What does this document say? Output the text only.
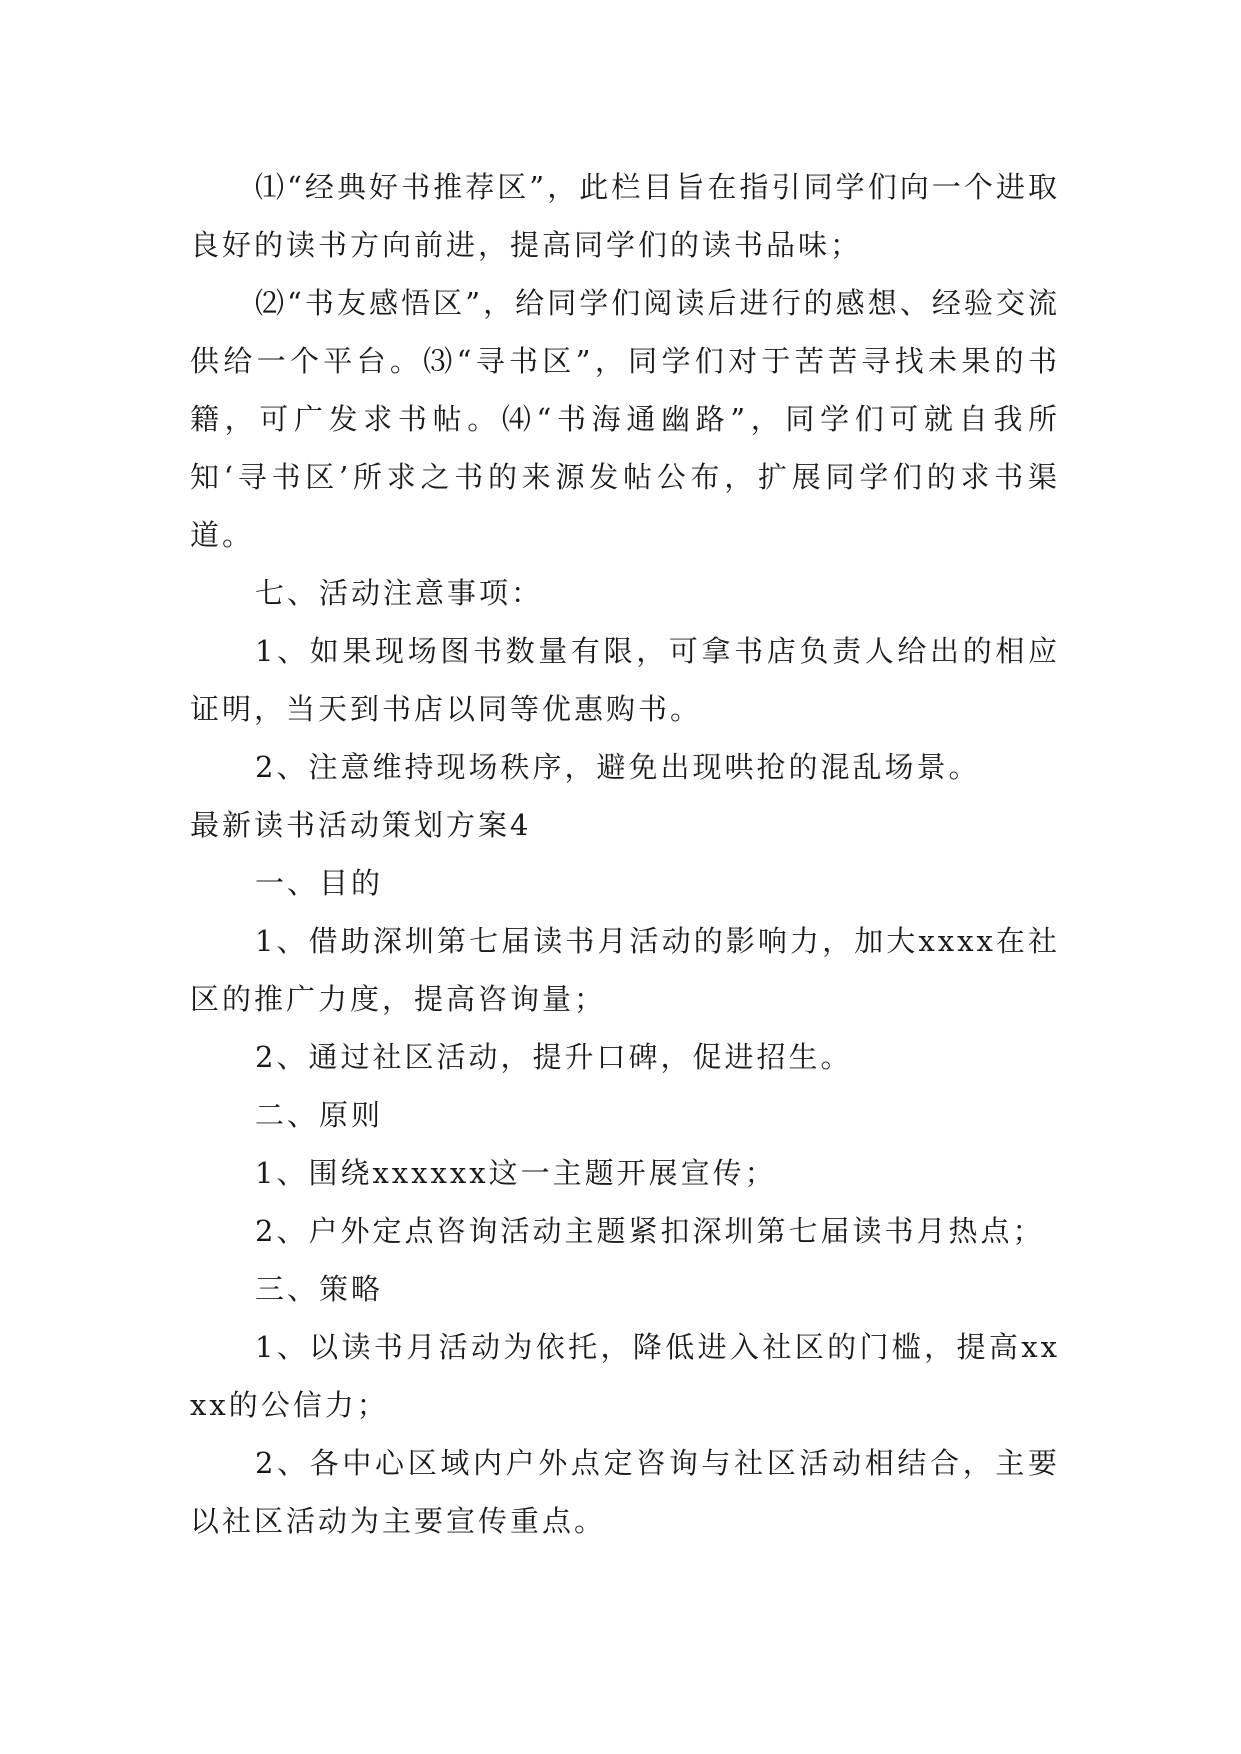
⑴“经典好书推荐区”，此栏目旨在指引同学们向一个进取良好的读书方向前进，提高同学们的读书品味；

⑵“书友感悟区”，给同学们阅读后进行的感想、经验交流供给一个平台。⑶“寻书区”，同学们对于苦苦寻找未果的书籍，可广发求书帖。⑷“书海通幽路”，同学们可就自我所知‘寻书区’所求之书的来源发帖公布，扩展同学们的求书渠道。

七、活动注意事项：

1、如果现场图书数量有限，可拿书店负责人给出的相应证明，当天到书店以同等优惠购书。

2、注意维持现场秩序，避免出现哄抢的混乱场景。

最新读书活动策划方案4

一、目的

1、借助深圳第七届读书月活动的影响力，加大xxxx在社区的推广力度，提高咨询量；

2、通过社区活动，提升口碑，促进招生。

二、原则

1、围绕xxxxxx这一主题开展宣传；

2、户外定点咨询活动主题紧扣深圳第七届读书月热点；

三、策略

1、以读书月活动为依托，降低进入社区的门槛，提高xxxx的公信力；

2、各中心区域内户外点定咨询与社区活动相结合，主要以社区活动为主要宣传重点。
